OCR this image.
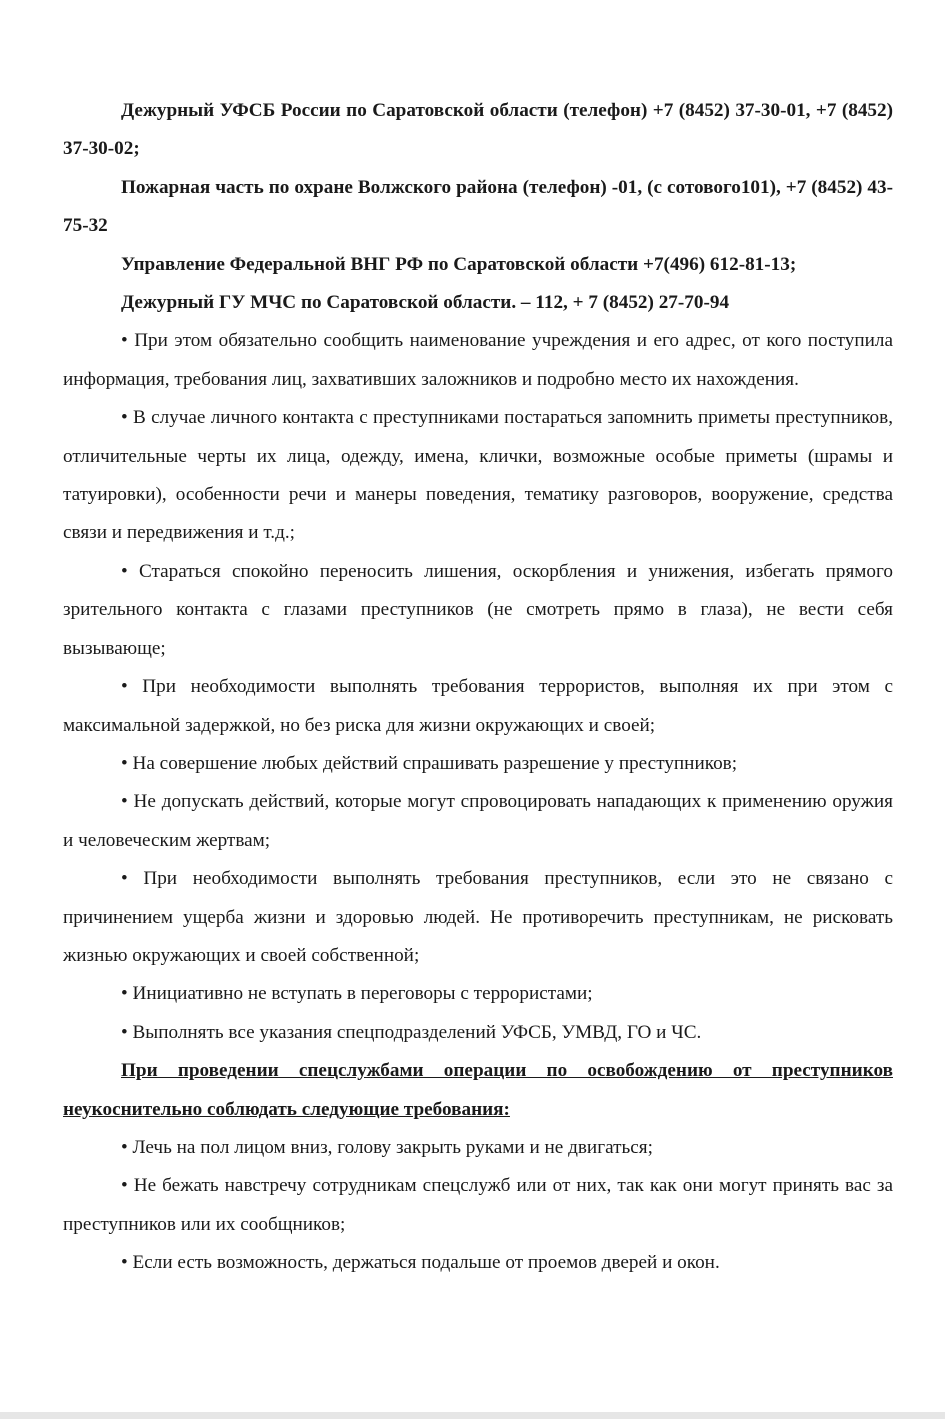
Дежурный УФСБ России по Саратовской области (телефон) +7 (8452) 37-30-01, +7 (8452) 37-30-02;

Пожарная часть по охране Волжского района (телефон) -01, (с сотового101), +7 (8452) 43-75-32

Управление Федеральной ВНГ РФ по Саратовской области +7(496) 612-81-13;

Дежурный ГУ МЧС по Саратовской области. – 112, + 7 (8452) 27-70-94

• При этом обязательно сообщить наименование учреждения и его адрес, от кого поступила информация, требования лиц, захвативших заложников и подробно место их нахождения.

• В случае личного контакта с преступниками постараться запомнить приметы преступников, отличительные черты их лица, одежду, имена, клички, возможные особые приметы (шрамы и татуировки), особенности речи и манеры поведения, тематику разговоров, вооружение, средства связи и передвижения и т.д.;

• Стараться спокойно переносить лишения, оскорбления и унижения, избегать прямого зрительного контакта с глазами преступников (не смотреть прямо в глаза), не вести себя вызывающе;

• При необходимости выполнять требования террористов, выполняя их при этом с максимальной задержкой, но без риска для жизни окружающих и своей;

• На совершение любых действий спрашивать разрешение у преступников;

• Не допускать действий, которые могут спровоцировать нападающих к применению оружия и человеческим жертвам;

• При необходимости выполнять требования преступников, если это не связано с причинением ущерба жизни и здоровью людей. Не противоречить преступникам, не рисковать жизнью окружающих и своей собственной;

• Инициативно не вступать в переговоры с террористами;

• Выполнять все указания спецподразделений УФСБ, УМВД, ГО и ЧС.

При проведении спецслужбами операции по освобождению от преступников неукоснительно соблюдать следующие требования:

• Лечь на пол лицом вниз, голову закрыть руками и не двигаться;

• Не бежать навстречу сотрудникам спецслужб или от них, так как они могут принять вас за преступников или их сообщников;

• Если есть возможность, держаться подальше от проемов дверей и окон.
